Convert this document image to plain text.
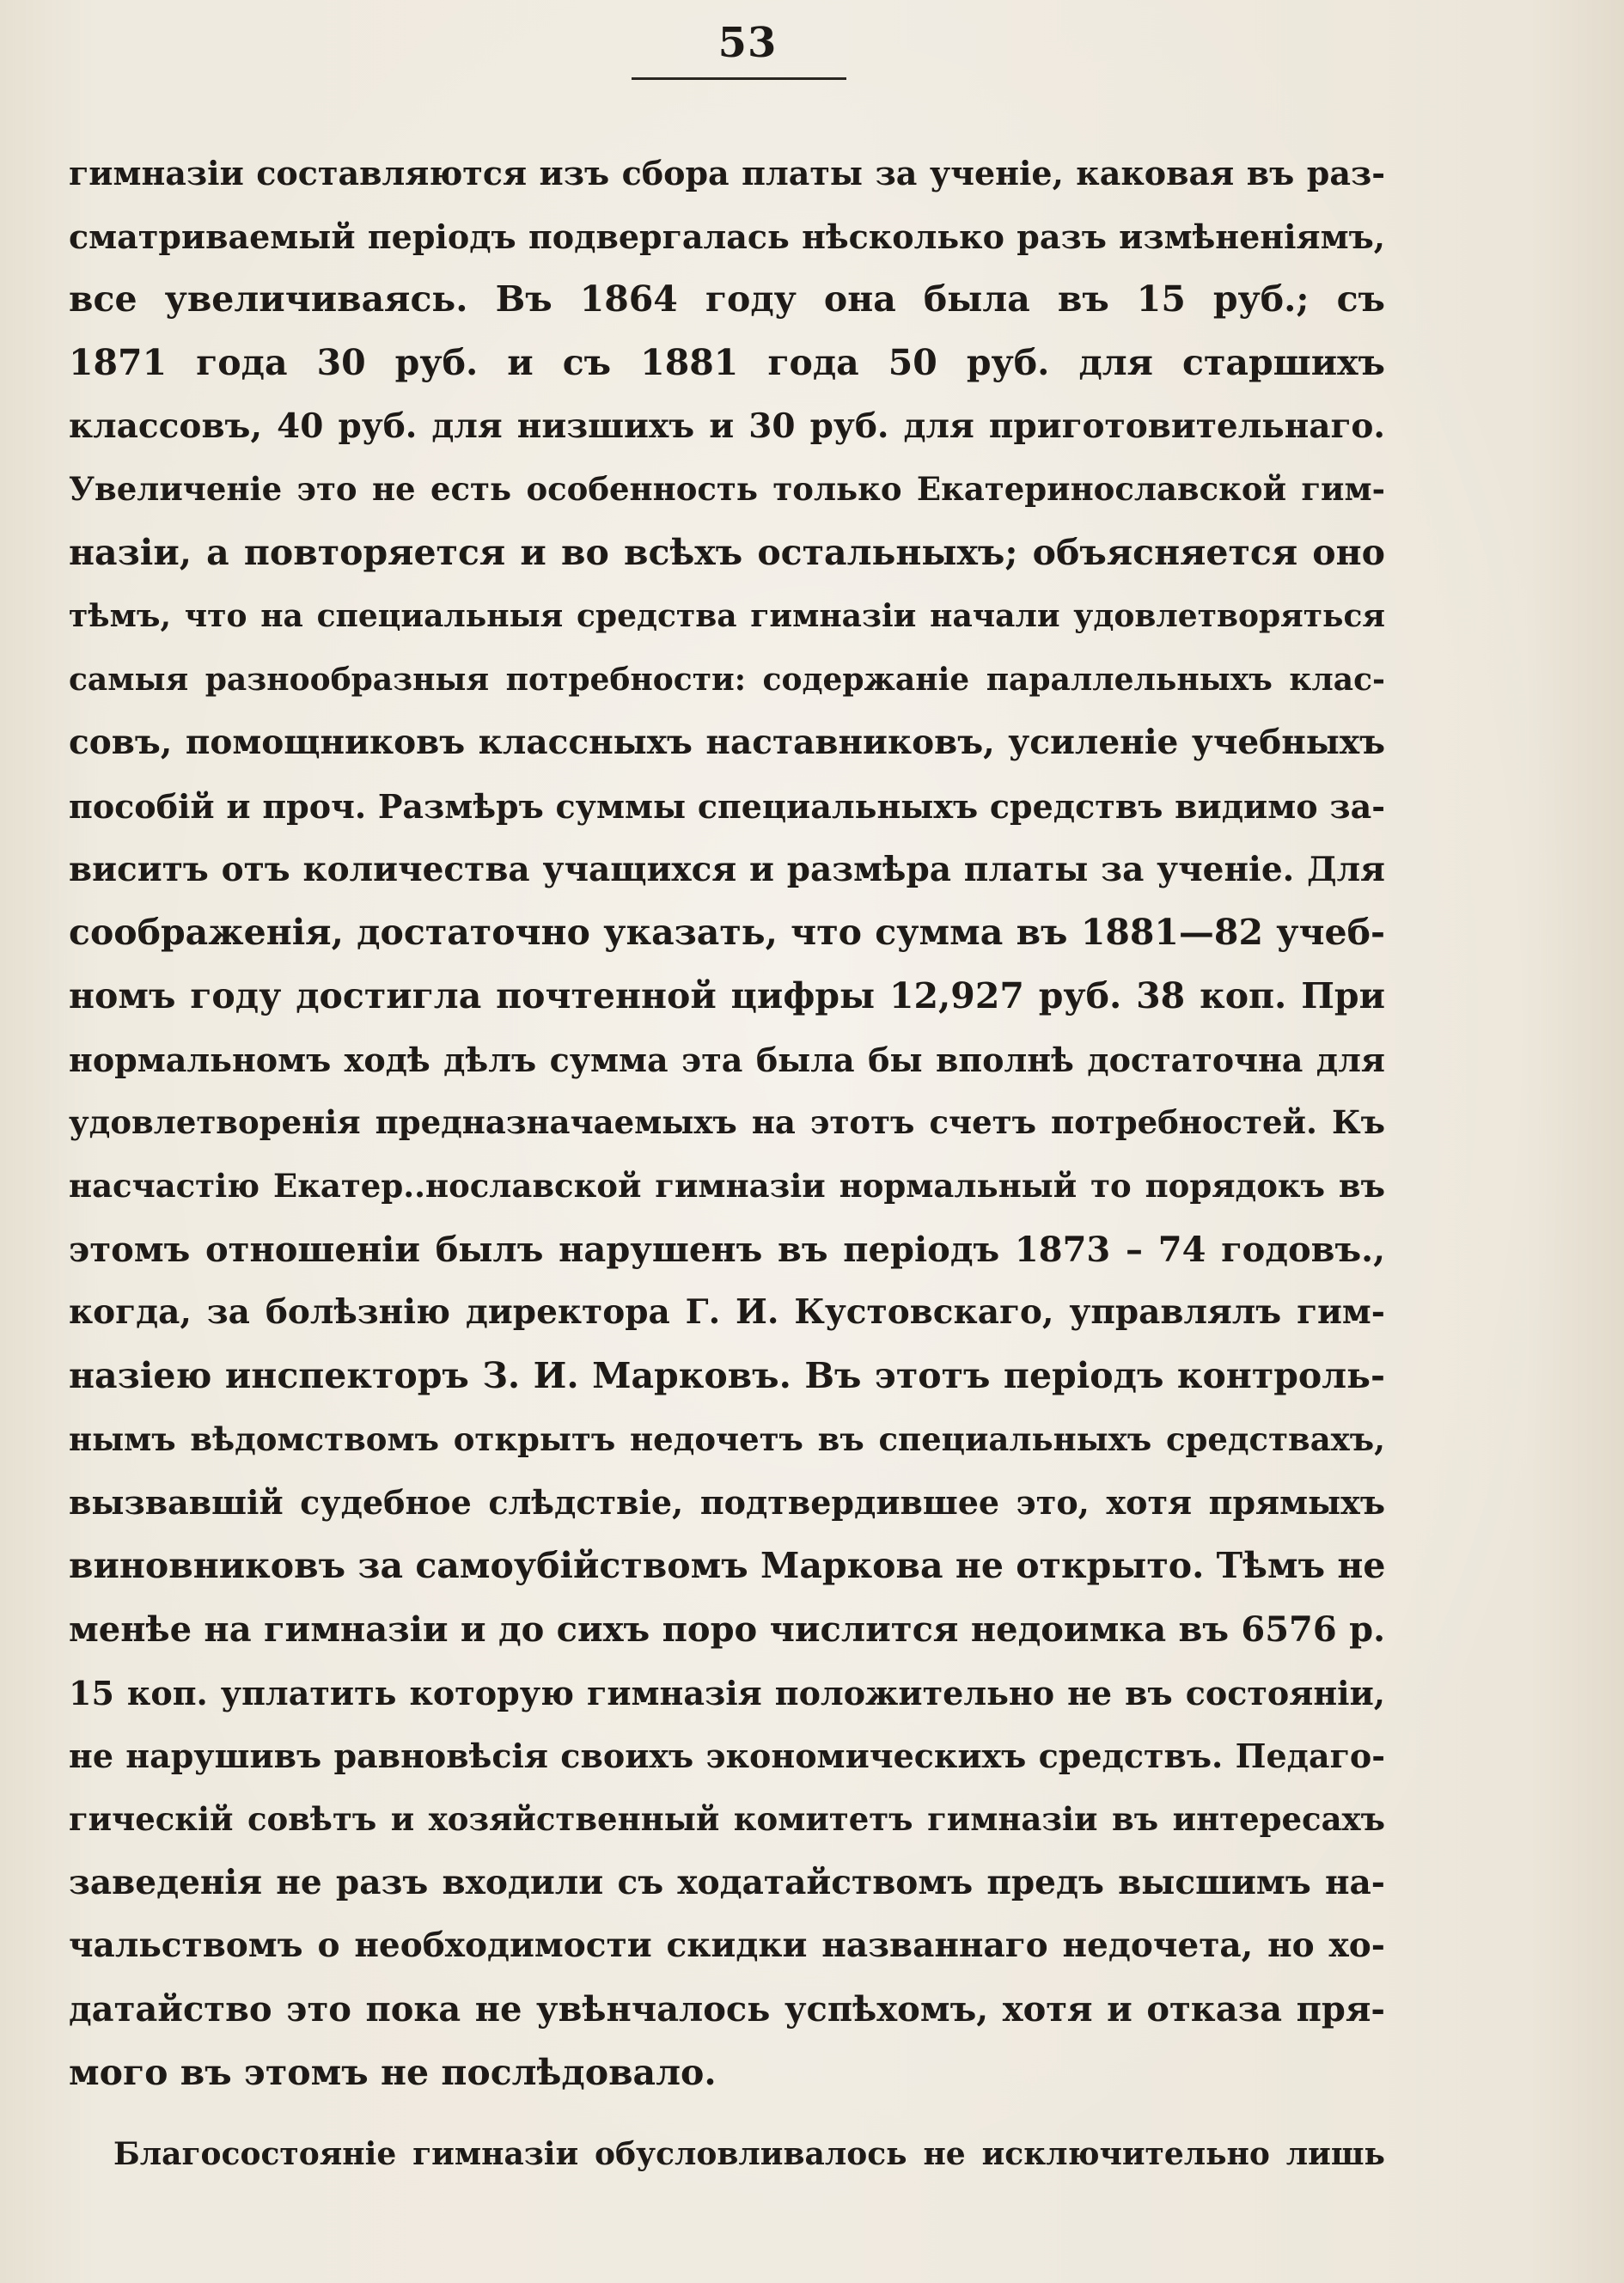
53
гимназіи составляются изъ сбора платы за ученіе, каковая въ раз-
сматриваемый періодъ подвергалась нѣсколько разъ измѣненіямъ,
все увеличиваясь. Въ 1864 году она была въ 15 руб.; съ
1871 года 30 руб. и съ 1881 года 50 руб. для старшихъ
классовъ, 40 руб. для низшихъ и 30 руб. для приготовительнаго.
Увеличеніе это не есть особенность только Екатеринославской гим-
назіи, а повторяется и во всѣхъ остальныхъ; объясняется оно
тѣмъ, что на специальныя средства гимназіи начали удовлетворяться
самыя разнообразныя потребности: содержаніе параллельныхъ клас-
совъ, помощниковъ классныхъ наставниковъ, усиленіе учебныхъ
пособій и проч. Размѣръ суммы специальныхъ средствъ видимо за-
виситъ отъ количества учащихся и размѣра платы за ученіе. Для
соображенія, достаточно указать, что сумма въ 1881—82 учеб-
номъ году достигла почтенной цифры 12,927 руб. 38 коп. При
нормальномъ ходѣ дѣлъ сумма эта была бы вполнѣ достаточна для
удовлетворенія предназначаемыхъ на этотъ счетъ потребностей. Къ
насчастію Екатер..нославской гимназіи нормальный то порядокъ въ
этомъ отношеніи былъ нарушенъ въ періодъ 1873 – 74 годовъ.,
когда, за болѣзнію директора Г. И. Кустовскаго, управлялъ гим-
назіею инспекторъ З. И. Марковъ. Въ этотъ періодъ контроль-
нымъ вѣдомствомъ открытъ недочетъ въ специальныхъ средствахъ,
вызвавшій судебное слѣдствіе, подтвердившее это, хотя прямыхъ
виновниковъ за самоубійствомъ Маркова не открыто. Тѣмъ не
менѣе на гимназіи и до сихъ поро числится недоимка въ 6576 р.
15 коп. уплатить которую гимназія положительно не въ состояніи,
не нарушивъ равновѣсія своихъ экономическихъ средствъ. Педаго-
гическій совѣтъ и хозяйственный комитетъ гимназіи въ интересахъ
заведенія не разъ входили съ ходатайствомъ предъ высшимъ на-
чальствомъ о необходимости скидки названнаго недочета, но хо-
датайство это пока не увѣнчалось успѣхомъ, хотя и отказа пря-
мого въ этомъ не послѣдовало.
Благосостояніе гимназіи обусловливалось не исключительно лишь
